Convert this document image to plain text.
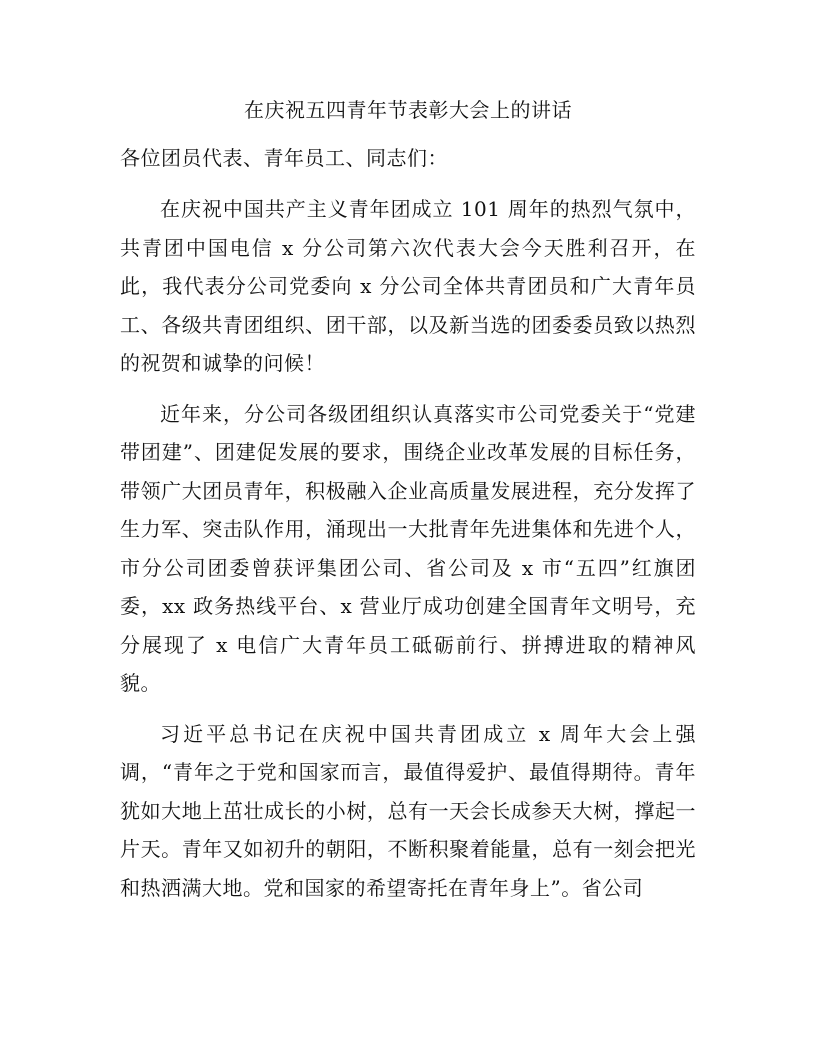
在庆祝五四青年节表彰大会上的讲话

各位团员代表、青年员工、同志们：

在庆祝中国共产主义青年团成立 101 周年的热烈气氛中，共青团中国电信 x 分公司第六次代表大会今天胜利召开，在此，我代表分公司党委向 x 分公司全体共青团员和广大青年员工、各级共青团组织、团干部，以及新当选的团委委员致以热烈的祝贺和诚挚的问候！

近年来，分公司各级团组织认真落实市公司党委关于“党建带团建”、团建促发展的要求，围绕企业改革发展的目标任务，带领广大团员青年，积极融入企业高质量发展进程，充分发挥了生力军、突击队作用，涌现出一大批青年先进集体和先进个人，市分公司团委曾获评集团公司、省公司及 x 市“五四”红旗团委，xx 政务热线平台、x 营业厅成功创建全国青年文明号，充分展现了 x 电信广大青年员工砥砺前行、拼搏进取的精神风貌。

习近平总书记在庆祝中国共青团成立 x 周年大会上强调，“青年之于党和国家而言，最值得爱护、最值得期待。青年犹如大地上茁壮成长的小树，总有一天会长成参天大树，撑起一片天。青年又如初升的朝阳，不断积聚着能量，总有一刻会把光和热洒满大地。党和国家的希望寄托在青年身上”。省公司
